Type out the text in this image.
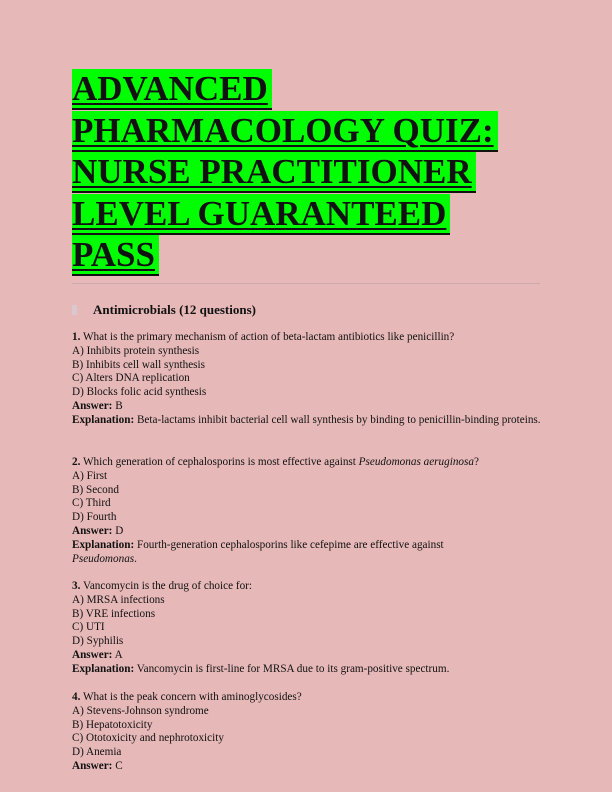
ADVANCED
PHARMACOLOGY QUIZ:
NURSE PRACTITIONER
LEVEL GUARANTEED
PASS
Antimicrobials (12 questions)
1. What is the primary mechanism of action of beta-lactam antibiotics like penicillin?
A) Inhibits protein synthesis
B) Inhibits cell wall synthesis
C) Alters DNA replication
D) Blocks folic acid synthesis
Answer: B
Explanation: Beta-lactams inhibit bacterial cell wall synthesis by binding to penicillin-binding proteins.
2. Which generation of cephalosporins is most effective against Pseudomonas aeruginosa?
A) First
B) Second
C) Third
D) Fourth
Answer: D
Explanation: Fourth-generation cephalosporins like cefepime are effective against
Pseudomonas.
3. Vancomycin is the drug of choice for:
A) MRSA infections
B) VRE infections
C) UTI
D) Syphilis
Answer: A
Explanation: Vancomycin is first-line for MRSA due to its gram-positive spectrum.
4. What is the peak concern with aminoglycosides?
A) Stevens-Johnson syndrome
B) Hepatotoxicity
C) Ototoxicity and nephrotoxicity
D) Anemia
Answer: C
